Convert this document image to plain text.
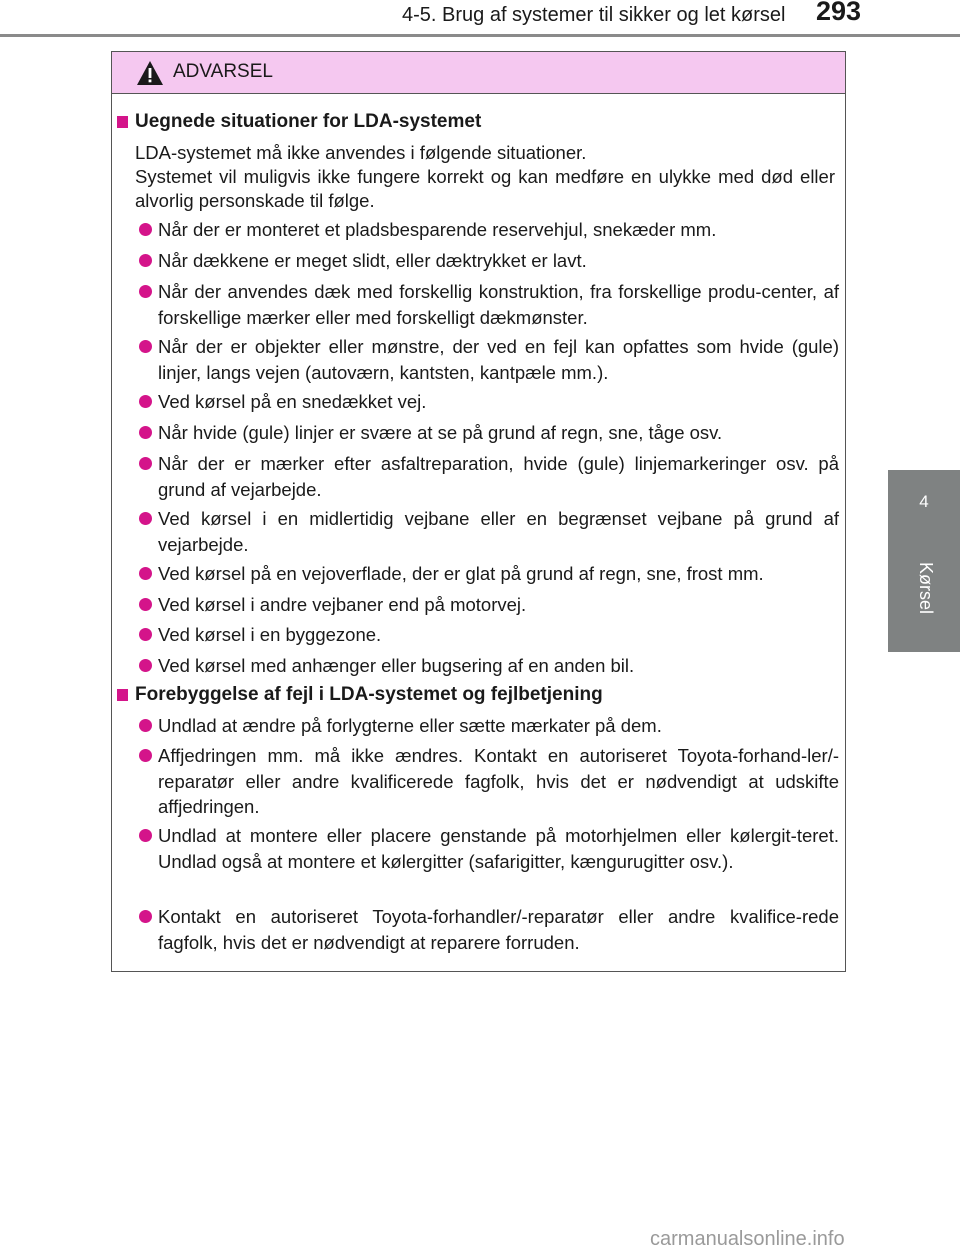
4-5. Brug af systemer til sikker og let kørsel 293
4
Kørsel
ADVARSEL
Uegnede situationer for LDA-systemet
LDA-systemet må ikke anvendes i følgende situationer.
Systemet vil muligvis ikke fungere korrekt og kan medføre en ulykke med død eller alvorlig personskade til følge.
Når der er monteret et pladsbesparende reservehjul, snekæder mm.
Når dækkene er meget slidt, eller dæktrykket er lavt.
Når der anvendes dæk med forskellig konstruktion, fra forskellige produ-center, af forskellige mærker eller med forskelligt dækmønster.
Når der er objekter eller mønstre, der ved en fejl kan opfattes som hvide (gule) linjer, langs vejen (autoværn, kantsten, kantpæle mm.).
Ved kørsel på en snedækket vej.
Når hvide (gule) linjer er svære at se på grund af regn, sne, tåge osv.
Når der er mærker efter asfaltreparation, hvide (gule) linjemarkeringer osv. på grund af vejarbejde.
Ved kørsel i en midlertidig vejbane eller en begrænset vejbane på grund af vejarbejde.
Ved kørsel på en vejoverflade, der er glat på grund af regn, sne, frost mm.
Ved kørsel i andre vejbaner end på motorvej.
Ved kørsel i en byggezone.
Ved kørsel med anhænger eller bugsering af en anden bil.
Forebyggelse af fejl i LDA-systemet og fejlbetjening
Undlad at ændre på forlygterne eller sætte mærkater på dem.
Affjedringen mm. må ikke ændres. Kontakt en autoriseret Toyota-forhand-ler/-reparatør eller andre kvalificerede fagfolk, hvis det er nødvendigt at udskifte affjedringen.
Undlad at montere eller placere genstande på motorhjelmen eller kølergit-teret. Undlad også at montere et kølergitter (safarigitter, kængurugitter osv.).
Kontakt en autoriseret Toyota-forhandler/-reparatør eller andre kvalifice-rede fagfolk, hvis det er nødvendigt at reparere forruden.
carmanualsonline.info
